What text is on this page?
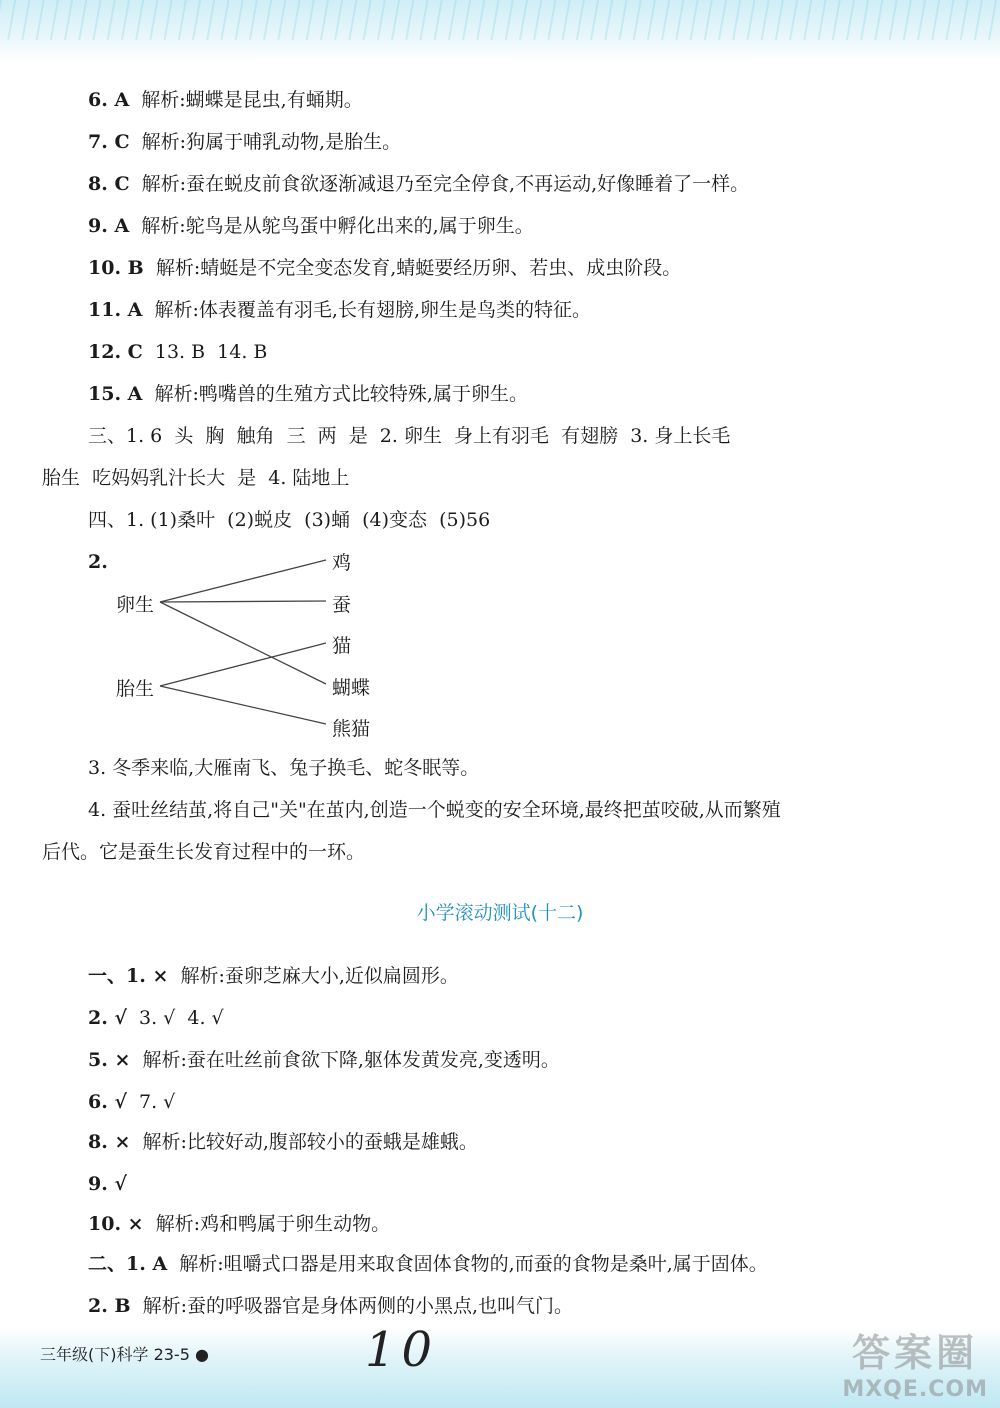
6. A  解析:蝴蝶是昆虫,有蛹期。
7. C  解析:狗属于哺乳动物,是胎生。
8. C  解析:蚕在蜕皮前食欲逐渐减退乃至完全停食,不再运动,好像睡着了一样。
9. A  解析:鸵鸟是从鸵鸟蛋中孵化出来的,属于卵生。
10. B  解析:蜻蜓是不完全变态发育,蜻蜓要经历卵、若虫、成虫阶段。
11. A  解析:体表覆盖有羽毛,长有翅膀,卵生是鸟类的特征。
12. C  13. B  14. B
15. A  解析:鸭嘴兽的生殖方式比较特殊,属于卵生。
三、1. 6  头  胸  触角  三  两  是  2. 卵生  身上有羽毛  有翅膀  3. 身上长毛
胎生  吃妈妈乳汁长大  是  4. 陆地上
四、1. (1)桑叶  (2)蜕皮  (3)蛹  (4)变态  (5)56
2.
卵生
胎生
鸡
蚕
猫
蝴蝶
熊猫
3. 冬季来临,大雁南飞、兔子换毛、蛇冬眠等。
4. 蚕吐丝结茧,将自己"关"在茧内,创造一个蜕变的安全环境,最终把茧咬破,从而繁殖
后代。它是蚕生长发育过程中的一环。
小学滚动测试(十二)
一、1. ×  解析:蚕卵芝麻大小,近似扁圆形。
2. √  3. √  4. √
5. ×  解析:蚕在吐丝前食欲下降,躯体发黄发亮,变透明。
6. √  7. √
8. ×  解析:比较好动,腹部较小的蚕蛾是雄蛾。
9. √
10. ×  解析:鸡和鸭属于卵生动物。
二、1. A  解析:咀嚼式口器是用来取食固体食物的,而蚕的食物是桑叶,属于固体。
2. B  解析:蚕的呼吸器官是身体两侧的小黑点,也叫气门。
三年级(下)科学 23-5 ●	10	答案圈
MXQE.COM
